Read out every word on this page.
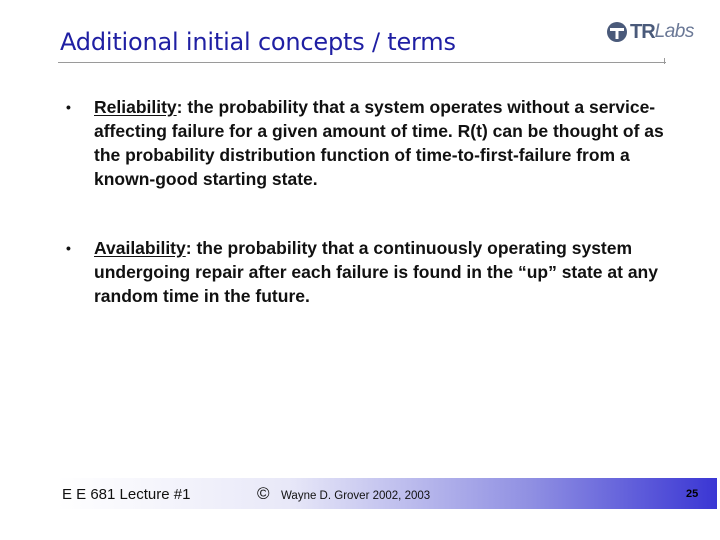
Additional initial concepts / terms	TR Labs
• Reliability: the probability that a system operates without a service-affecting failure for a given amount of time. R(t) can be thought of as the probability distribution function of time-to-first-failure from a known-good starting state.
• Availability: the probability that a continuously operating system undergoing repair after each failure is found in the “up” state at any random time in the future.
E E 681 Lecture #1	© Wayne D. Grover 2002, 2003	25
